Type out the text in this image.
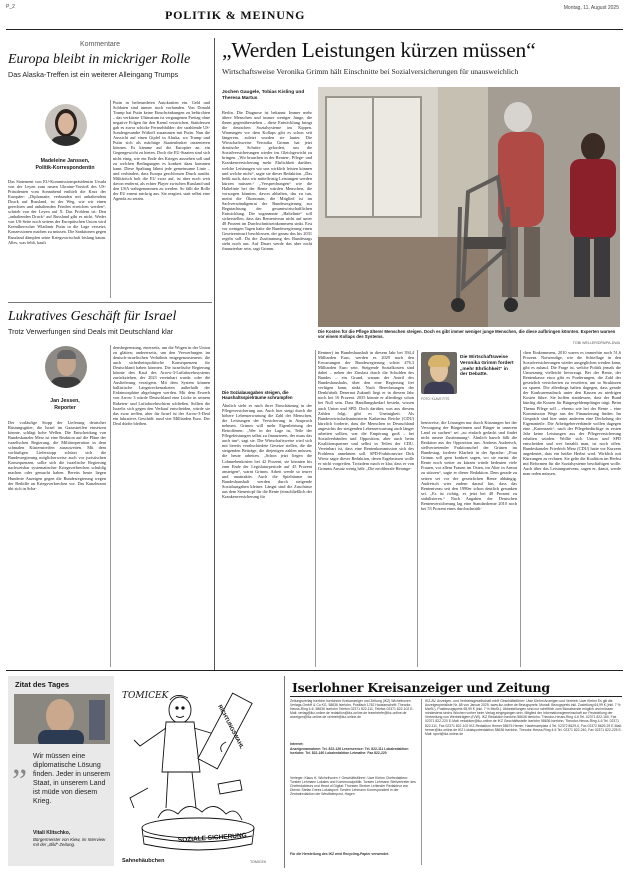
P_2
POLITIK & MEINUNG	Montag, 11. August 2025
Kommentare
Europa bleibt in mickriger Rolle
Das Alaska-Treffen ist ein weiterer Alleingang Trumps
Madeleine Janssen,
Politik-Korrespondentin
Das Statement von EU-Kommissionspräsidentin Ursula von der Leyen zum neuen Ukraine-Vorstoß des US-Präsidenten vom Sonnabend enthielt die Krux der Europäer: „Diplomatie, verbunden mit anhaltendem Druck auf Russland, ist der Weg, wie wir einen gerechten und anhaltenden Frieden erreichen werden“, schrieb von der Leyen auf X. Das Problem ist: Den „anhaltenden Druck“ auf Russland gibt es nicht. Weder von US-Seite noch seitens der Europäischen Union wird Kremlherrscher Wladimir Putin in die Lage versetzt, Konzessionen machen zu müssen. Die Sanktionen gegen Russland dämpfen seine Kriegswirtschaft bislang kaum. Alles, was fehlt, kauft
Putin in befreundeten Autokratien ein. Geld und Soldaten sind immer noch vorhanden. Von Donald Trump hat Putin keine Einschränkungen zu befürchten – das verkürzte Ultimatum ist vergangenen Freitag ohne negative Folgen für den Kreml verstrichen. Stattdessen gab es zuvor schicke Fernsehbilder: der strahlende US-Sondergesandte Witkoff zusammen mit Putin. Nun die Aussicht auf einen Gipfel in Alaska, wo Trump und Putin sich als mächtige Staatenlenker inszenieren können. Es kämme auf die Europäer an, ein Gegengewicht zu bieten. Doch die EU-Staaten sind sich nicht einig, wie ein Ende des Krieges aussehen soll und zu welchen Bedingungen es konkret dazu kommen kann. Diese Spaltung lähmt jede gemeinsame Linie – und verhindert, dass Europa geschlossen Druck ausübt. Militärisch holt die EU zwar auf, ist aber noch weit davon entfernt, als echter Player zwischen Russland und den USA wahrgenommen zu werden. So fällt die Rolle der EU erneut mickrig aus. Sie reagiert, statt selbst eine Agenda zu setzen.
Lukratives Geschäft für Israel
Trotz Verwerfungen sind Deals mit Deutschland klar
Jan Jessen,
Reporter
Der vorläufige Stopp der Lieferung deutscher Rüstungsgüter, die Israel im Gazastreifen einsetzen könnte, schlägt hohe Wellen. Die Entscheidung von Bundeskanzler Merz ist eine Reaktion auf die Pläne der israelischen Regierung, die Militäroperation in dem schmalen Küstenstreifen auszuweiten. Mit dem vorläufigen Lieferstopp schützt sich die Bundesregierung möglicherweise auch vor juristischen Konsequenzen, sollte sich die israelische Regierung nachweisbar systematischer Kriegsverbrechen schuldig machen oder gemacht haben. Bereits heute liegen Hunderte Anzeigen gegen die Bundesregierung wegen der Beihilfe an Kriegsverbrechen vor. Das Kanzleramt übt sich in Scha-
densbegrenzung, einerseits, um die Wogen in der Union zu glätten; andererseits, um den Verwerfungen im deutsch-israelischen Verhältnis entgegenzusteuern, die auch sicherheitspolitische Konsequenzen für Deutschland haben könnten. Die israelische Regierung könnte den Kauf des Arrow-3-Luftabwehrsystems zurückziehen, der 2023 vereinbart wurde, oder die Auslieferung verzögern. Mit dem System können ballistische Langstreckenraketen außerhalb der Erdatmosphäre abgefangen werden. Mit dem Erwerb von Arrow 3 würde Deutschland eine Lücke in seinem Raketen- und Luftabwehrschirm schließen. Sollten die Israelis sich gegen den Verkauf entscheiden, würde sie das zwar treffen, aber für Israel ist der Arrow-3-Deal ein lukratives Geschäft: rund vier Milliarden Euro. Der Deal dürfte bleiben.
„Werden Leistungen kürzen müssen“
Wirtschaftsweise Veronika Grimm hält Einschnitte bei Sozialversicherungen für unausweichlich
Jochen Gaugele, Tobias Kisling und Theresa Martus
Berlin. Die Diagnose ist bekannt: Immer mehr ältere Menschen und immer weniger Junge, die ihnen gegenüberstehen – diese Entwicklung bringt die deutschen Sozialsysteme ins Kippen. Warnungen vor dem Kollaps gibt es schon seit längerem, zuletzt wurden sie lauter. Die Wirtschaftsweise Veronika Grimm hat jetzt drastische Schritte gefordert, um die Sozialversicherungen wieder ins Gleichgewicht zu bringen. „Wir brauchen in der Renten-, Pflege- und Krankenversicherung mehr Ehrlichkeit darüber, welche Leistungen wir uns wirklich leisten können und welche nicht“, sagte sie dieser Redaktion. „Das heißt auch, dass wir mittelfristig Leistungen werden kürzen müssen.“ „Versprechungen“ wie die Haltelinie bei der Rente würden Menschen, die vorsorgen könnten, davon abhalten, das zu tun, meint die Ökonomin, die Mitglied ist im Sachverständigenrat der Bundesregierung zur Begutachtung der gesamtwirtschaftlichen Entwicklung. Die sogenannte „Haltelinie“ soll sicherstellen, dass das Renteniveau nicht auf unter 48 Prozent im Durchschnittseinkommens sinkt. Erst vor wenigen Tagen hatte die Bundesregierung einen Gesetzentwurf beschlossen, der genau das bis 2031 regeln soll. Da die Zustimmung des Bundestags steht noch aus. Auf Dauer werde das aber nicht finanzierbar sein, sagt Grimm.
Die Sozialausgaben steigen, die Haushaltsspielräume schrumpfen
Ähnlich sieht es nach ihrer Einschätzung in der Pflegeversicherung aus. Auch hier steigt durch die höhere Lebenserwartung die Zahl der Menschen, die Leistungen der Versicherung in Anspruch nehmen. Grimm will mehr Eigenleistung der Betroffenen: „Wer in der Lage ist, Teile der Pflegeleistungen selbst zu finanzieren, der muss das auch tun“, sagt sie. Die Wirtschaftsweise wird sich mit bereits verabschiedete Gesetze stellen, die die steigenden Beiträge, die diejenigen zahlen müssen, die heute arbeiten. „Schon jetzt liegen die Lohnnebenkosten bei 42 Prozent, sie könnten bis zum Ende der Legislaturperiode auf 45 Prozent ansteigen“, warnt Grimm. Arbeit werde so teurer und unattraktiv. Auch die Spielräume im Bundeshaushalt werden durch steigende Sozialausgaben kleiner. Längst sind die Zuschüsse aus dem Steuertopf für die Rente (einschließlich der Krankenversicherung für
Die Kosten für die Pflege älterer Menschen steigen. Doch es gibt immer weniger junge Menschen, die diese aufbringen könnten. Experten warnen vor einem Kollaps des Systems.
TOBI WELLER/DPA/PA-DWA
Rentner) im Bundeshaushalt in diesem Jahr bei 394,4 Milliarden Euro, werden es 2029 nach den Erwartungen der Bundesregierung schon 476,3 Milliarden Euro sein. Steigende Sozialkosten sind dabei – neben der Zinslast durch die Schulden des Bundes – ein Grund, warum der Anteil des Bundeshaushalts, über den eine Regierung frei verfügen kann, sinkt. Nach Berechnungen der Denkfabrik Dezernat Zukunft liegt er in diesem Jahr noch bei 16 Prozent. 2035 könnte er allerdings schon bei Null sein. Dass Handlungsbedarf besteht, wissen auch Union und SPD. Doch darüber, was aus diesem Zahlen folgt, gibt es Uneinigkeit. Als Bundeswirtschaftsministerin Katherina Reiche (CDU) kürzlich forderte, dass die Menschen in Deutschland angesichts der steigenden Lebenserwartung auch länger arbeiten sollten, war die Empörung groß – bei Sozialverbänden und Opposition, aber auch beim Koalitionspartner und selbst in Teilen der CDU. Vereinbart ist, dass eine Rentenkommission sich des Problems annehmen soll. SPD-Fraktionsvize Dirk Wiese sagte dieser Redaktion, deren Ergebnissen wolle er nicht vorgreifen. Trotzdem mach er klar, dass er von Grimms Ansatz wenig hält: „Die neoliberale Herange-
Die Wirtschaftsweise Veronika Grimm fordert „mehr Ehrlichkeit“ in der Debatte.
FOTO: KLAVE FITS
hensweise, die Lösungen nur durch Kürzungen bei der Versorgung der Bürgerinnen und Bürger in unserem Land zu suchen“ sei „zu einfach gedacht und findet nicht unsere Zustimmung“. Ähnlich harsch fällt die Reaktion aus der Opposition aus. Andreas Audretsch, stellvertretender Fraktionschef der Grünen im Bundestag, forderte Klarheit in der Sprache: „Frau Grimm soll gern konkret sagen, wo sie meint: die Rente noch weiter zu kürzen würde bedeuten viele Frauen, vor allem Frauen im Osten, im Alter in Armut zu stürzen“, sagte er dieser Redaktion. Dem gerade zu setzen sei vor der gesetzlichen Rente abhängig. Audretsch wies zudem darauf hin, dass das Renteniveau seit den 1990er schon deutlich gesunken sei. „Es ist richtig, es jetzt bei 48 Prozent zu stabilisieren.“ Nach Angaben der Deutschen Rentenversicherung lag eine Standardrente 2010 noch bei 53 Prozent eines durchschnittli-
chen Einkommens, 2010 waren es immerhin noch 51,6 Prozent. Notwendige, wie die Schieflage in den Sozialversicherungen wieder ausgeglichen werden kann, gibt es zuhauf. Die Frage ist, welche Politik jemals die Umsetzung vielleicht bevorzugt. Bei der Rente, der Rentenkasse etwa gibt es Forderungen, die Zahl der gesetzlich versicherten zu erweitern, um so Strukturen zu sparen. Die allerdings halten dagegen, dass gerade der Konkurrenzdruck unter den Kassen zu niedrigen Kosten führe. Sie hoffen stattdessen, dass der Bund künftig die Kosten für Bürgergeldempfänger trägt. Beim Thema Pflege soll – ebenso wie bei der Rente – eine Kommission Wege aus der Finanzierung finden. Im Gespräch sind hier unter anderem eine Deckelung der Eigenanteile. Die Arbeitgeberverbände wollen dagegen eine „Karenzzeit“, nach der Pflegebedürftige in ersten Jahr keine Leistungen aus der Pflegeversicherung erhalten würden. Wollte sich Union und SPD entscheiden und wer bezahlt man, ist noch offen. Bundeskanzler Friedrich Merz (CDU) hatte vor Kurzem angedeutet, dass ein heißer Herbst wird. Wirklich mit Kürzungen zu rechnen. Sie gelte die Koalition im Herbst mit Reformen für die Sozialsysteme beschäftigen wolle. Auch über das Leistungsniveau, sagen er, damit, werde man reden müssen.
Zitat des Tages
„ Wir müssen eine diplomatische Lösung finden. Jeder in unserem Staat, in unserem Land ist müde von diesem Krieg.
Vitali Klitschko,
Bürgermeister von Kiew, im Interview mit der „Bild“-Zeitung.
SOZIALE SICHERUNG
RICHTUNGSWAHL
TOMICEK
Sahnehäubchen	TOMICEK
Iserlohner Kreisanzeiger und Zeitung
Zeitungsverlag Iserlohn Iserlohner Kreisanzeiger und Zeitung (IKZ) Wichelhoven Verlags-GmbH & Co KG, 58636 Iserlohn, Postfach 1762 Hausanschrift: Theodor-Heuss-Ring 4-6, 58636 Iserlohn Telefon 02371 822-111, Telefax 02371 822-102 E-Mail: verlag@ikz-online.de redaktion@ikz-online.de leserbriefe@ikz-online.de anzeigen@ikz-online.de vertrieb@ikz-online.de
Internet:
Anzeigenannahme: Tel. 822-126 Leserservice: Tel. 822-111 Lokalredaktion Iserlohn: Tel. 822-160 Lokalredaktion Letmathe: Fax 822-220
Verleger: Klaus H. Wichelhoven † Geschäftsführer: Uwe Klehm Chefredakteur: Torsten Lehmann Lokales und Kommunalpolitik: Torsten Lehmann Stellvertreter des Chefredakteurs und Head of Digital: Thorsten Streber Leitender Redakteur von Dienst: Stefan Drees Lokalsport: Torsten Lehmann Korrespondent in der Zentralredaktion der Westfalenpost, Hagen
Für die Herstellung des IKZ wird Recycling-Papier verwendet.
IKZ-AV, Anzeigen- und Vertriebsgesellschaft mbH Geschäftsführer: Uwe Klehm Anzeigen und Vertrieb: Uwe Klehm Es gilt die Anzeigenpreisliste Nr. 68 von Januar 2025. www.ikz-online.de Bezugspreis: Monatl. Bezugspreis inkl. Zustellung 64,99 € (inkl. 7 % MwSt.), Postbezugspreis 65,99 € (inkl. 7 % MwSt.). Abbestellungen sind nur schriftlich zum Monatsende möglich und müssen mindestens sechs Wochen vorher beim Verlag eingegangen sein. Mitglied der Informationsgemeinschaft zur Feststellung der Verbreitung von Werbeträgern (IVW). IKZ Redaktion Iserlohn 58636 Iserlohn, Theodor-Heuss-Ring 4-6 Tel. 02371 822-160, Fax 02371 822-220 E-Mail: redaktion@ikz-online.de IKZ Geschäftsstelle Iserlohn 58636 Iserlohn, Theodor-Heuss-Ring 4-6 Tel. 02371 822-111, Fax 02371 822-102 IKZ-Redaktion Hemer 58675 Hemer, Hademareplatz 4 Tel. 02372 8629-0, Fax 02372 8629-29 E-Mail: hemer@ikz-online.de IKZ Lokalsportredaktion 58636 Iserlohn, Theodor-Heuss-Ring 4-6 Tel. 02371 822-240, Fax 02371 822-225 E-Mail: sport@ikz-online.de
